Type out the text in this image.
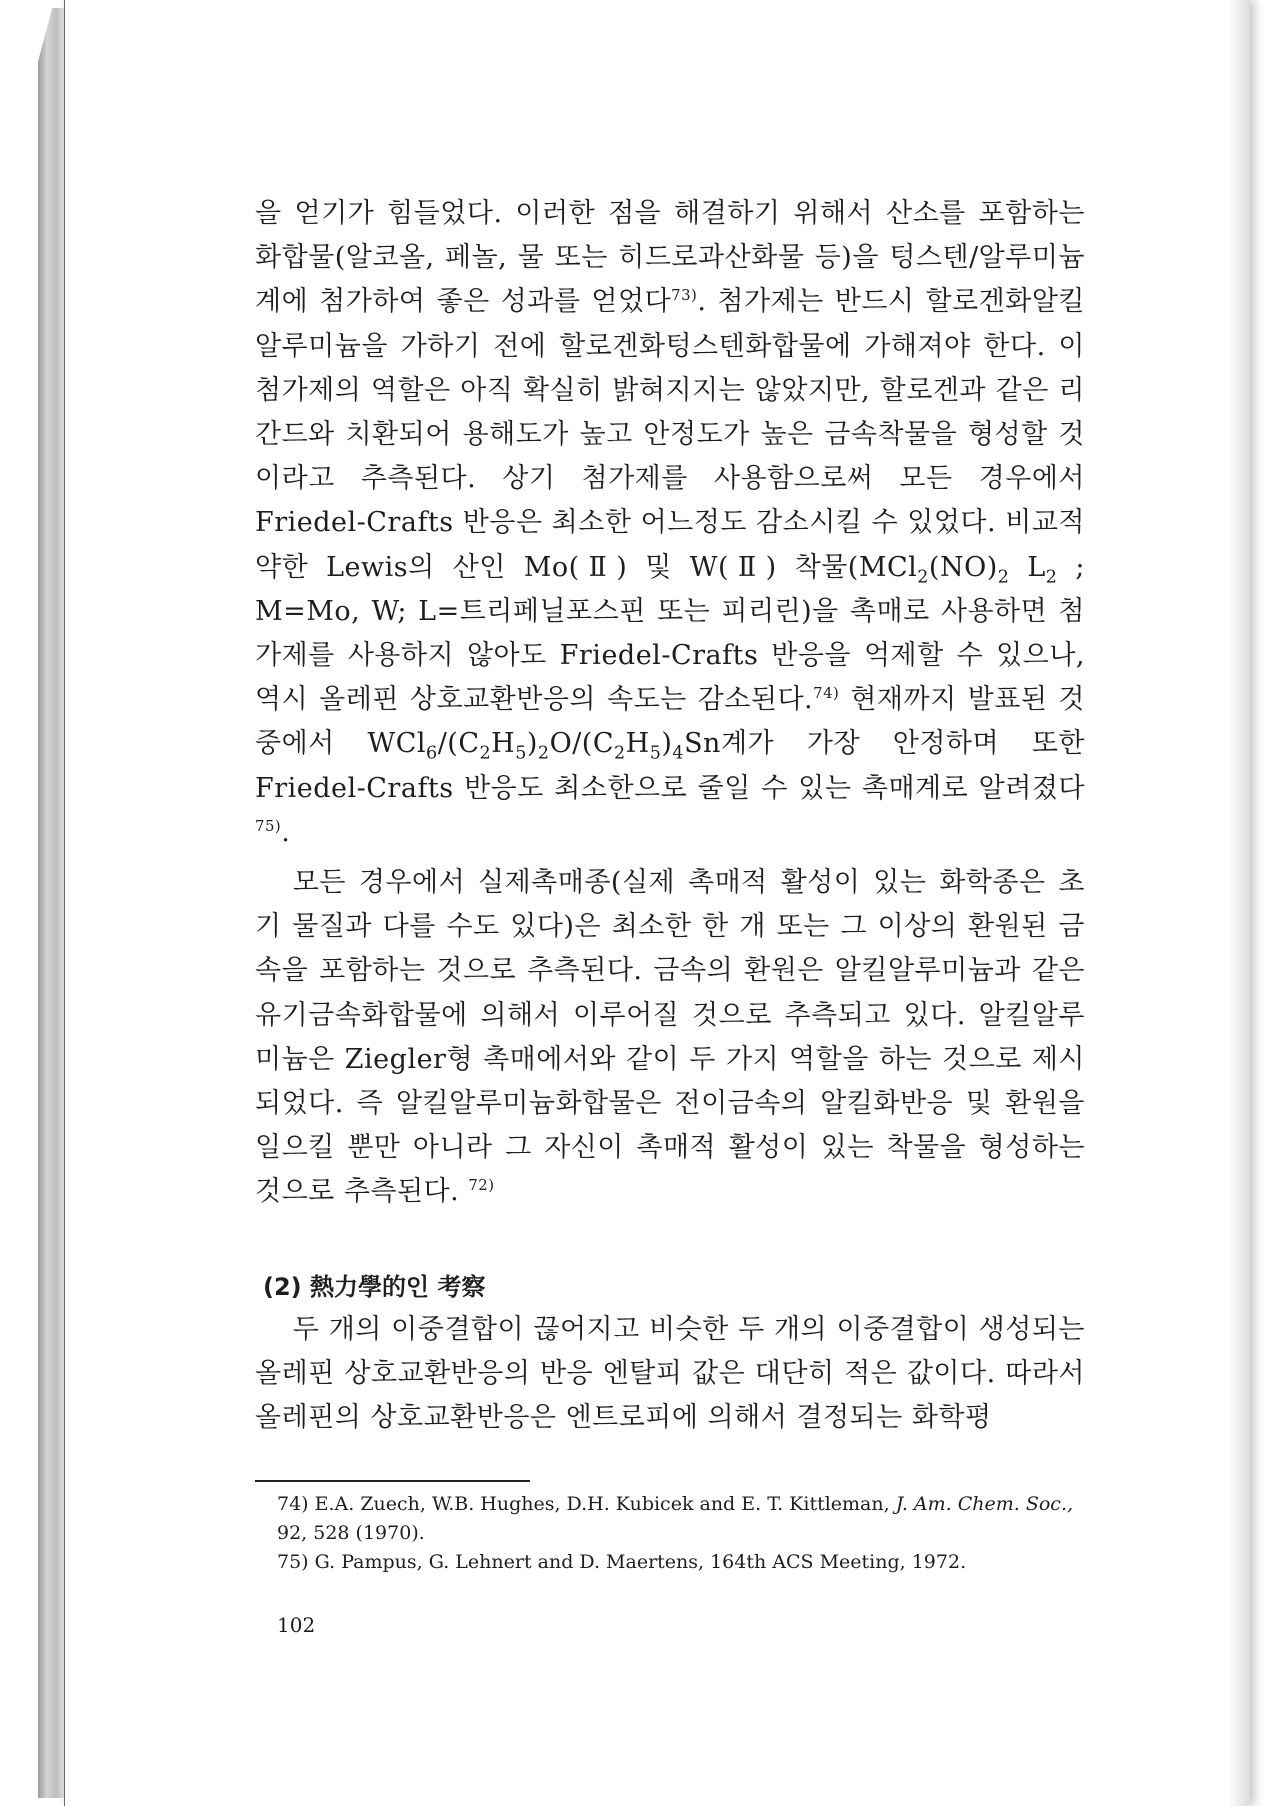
을 얻기가 힘들었다. 이러한 점을 해결하기 위해서 산소를 포함하는 화합물(알코올, 페놀, 물 또는 히드로과산화물 등)을 텅스텐/알루미늄계에 첨가하여 좋은 성과를 얻었다$^{73)}$. 첨가제는 반드시 할로겐화알킬알루미늄을 가하기 전에 할로겐화텅스텐화합물에 가해져야 한다. 이 첨가제의 역할은 아직 확실히 밝혀지지는 않았지만, 할로겐과 같은 리간드와 치환되어 용해도가 높고 안정도가 높은 금속착물을 형성할 것이라고 추측된다. 상기 첨가제를 사용함으로써 모든 경우에서 Friedel-Crafts 반응은 최소한 어느정도 감소시킬 수 있었다. 비교적 약한 Lewis의 산인 Mo(Ⅱ) 및 W(Ⅱ) 착물($MCl_2(NO)_2$ $L_2$ ; M=Mo, W; L=트리페닐포스핀 또는 피리린)을 촉매로 사용하면 첨가제를 사용하지 않아도 Friedel-Crafts 반응을 억제할 수 있으나, 역시 올레핀 상호교환반응의 속도는 감소된다.$^{74)}$ 현재까지 발표된 것 중에서 $WCl_6/(C_2H_5)_2O/(C_2H_5)_4Sn$계가 가장 안정하며 또한 Friedel-Crafts 반응도 최소한으로 줄일 수 있는 촉매계로 알려졌다$^{75)}$.

모든 경우에서 실제촉매종(실제 촉매적 활성이 있는 화학종은 초기 물질과 다를 수도 있다)은 최소한 한 개 또는 그 이상의 환원된 금속을 포함하는 것으로 추측된다. 금속의 환원은 알킬알루미늄과 같은 유기금속화합물에 의해서 이루어질 것으로 추측되고 있다. 알킬알루미늄은 Ziegler형 촉매에서와 같이 두 가지 역할을 하는 것으로 제시되었다. 즉 알킬알루미늄화합물은 전이금속의 알킬화반응 및 환원을 일으킬 뿐만 아니라 그 자신이 촉매적 활성이 있는 착물을 형성하는 것으로 추측된다. $^{72)}$

(2) 熱力學的인 考察

두 개의 이중결합이 끊어지고 비슷한 두 개의 이중결합이 생성되는 올레핀 상호교환반응의 반응 엔탈피 값은 대단히 적은 값이다. 따라서 올레핀의 상호교환반응은 엔트로피에 의해서 결정되는 화학평

74) E.A. Zuech, W.B. Hughes, D.H. Kubicek and E. T. Kittleman, J. Am. Chem. Soc., 92, 528 (1970).

75) G. Pampus, G. Lehnert and D. Maertens, 164th ACS Meeting, 1972.

102
